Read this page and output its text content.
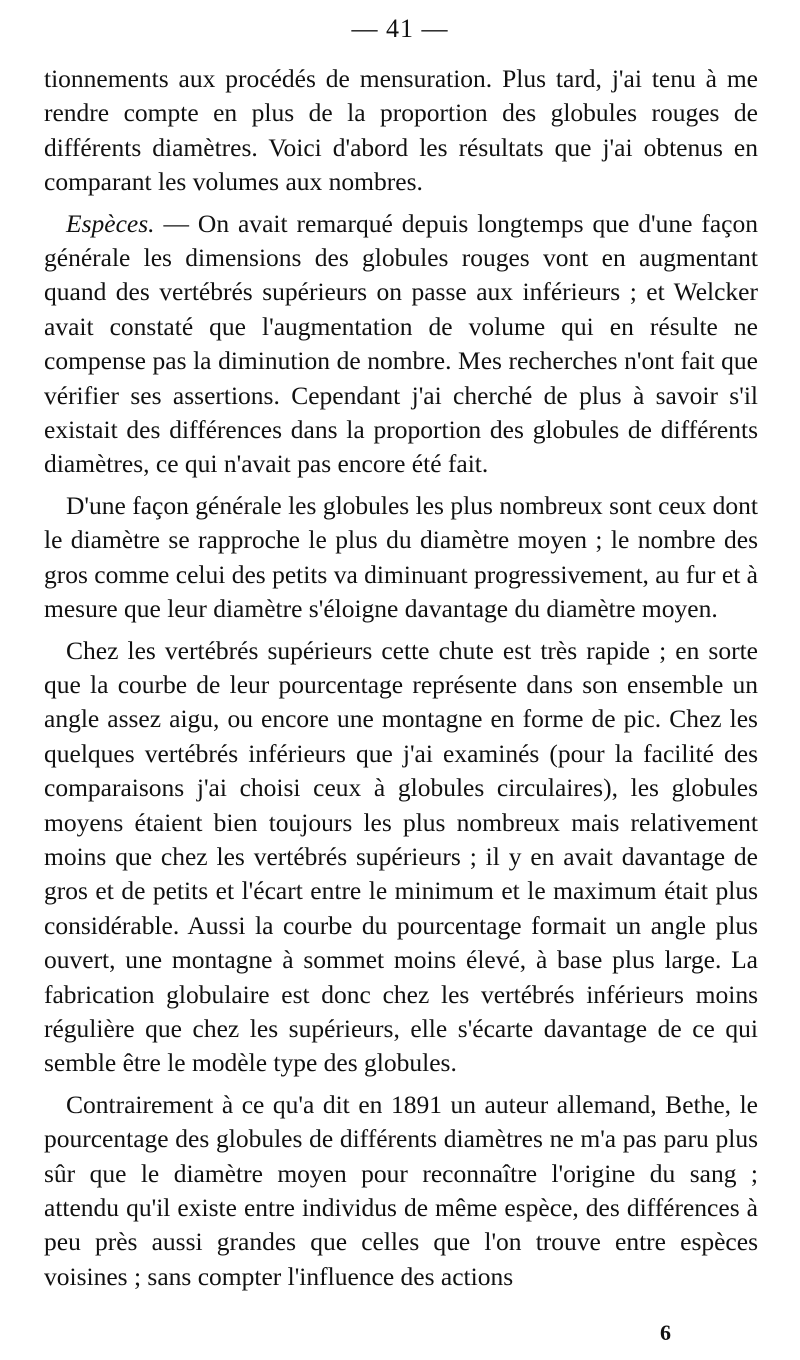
— 41 —

tionnements aux procédés de mensuration. Plus tard, j'ai tenu à me rendre compte en plus de la proportion des globules rouges de différents diamètres. Voici d'abord les résultats que j'ai obtenus en comparant les volumes aux nombres.

Espèces. — On avait remarqué depuis longtemps que d'une façon générale les dimensions des globules rouges vont en augmentant quand des vertébrés supérieurs on passe aux inférieurs ; et Welcker avait constaté que l'augmentation de volume qui en résulte ne compense pas la diminution de nombre. Mes recherches n'ont fait que vérifier ses assertions. Cependant j'ai cherché de plus à savoir s'il existait des différences dans la proportion des globules de différents diamètres, ce qui n'avait pas encore été fait.

D'une façon générale les globules les plus nombreux sont ceux dont le diamètre se rapproche le plus du diamètre moyen ; le nombre des gros comme celui des petits va diminuant progressivement, au fur et à mesure que leur diamètre s'éloigne davantage du diamètre moyen.

Chez les vertébrés supérieurs cette chute est très rapide ; en sorte que la courbe de leur pourcentage représente dans son ensemble un angle assez aigu, ou encore une montagne en forme de pic. Chez les quelques vertébrés inférieurs que j'ai examinés (pour la facilité des comparaisons j'ai choisi ceux à globules circulaires), les globules moyens étaient bien toujours les plus nombreux mais relativement moins que chez les vertébrés supérieurs ; il y en avait davantage de gros et de petits et l'écart entre le minimum et le maximum était plus considérable. Aussi la courbe du pourcentage formait un angle plus ouvert, une montagne à sommet moins élevé, à base plus large. La fabrication globulaire est donc chez les vertébrés inférieurs moins régulière que chez les supérieurs, elle s'écarte davantage de ce qui semble être le modèle type des globules.

Contrairement à ce qu'a dit en 1891 un auteur allemand, Bethe, le pourcentage des globules de différents diamètres ne m'a pas paru plus sûr que le diamètre moyen pour reconnaître l'origine du sang ; attendu qu'il existe entre individus de même espèce, des différences à peu près aussi grandes que celles que l'on trouve entre espèces voisines ; sans compter l'influence des actions

6
